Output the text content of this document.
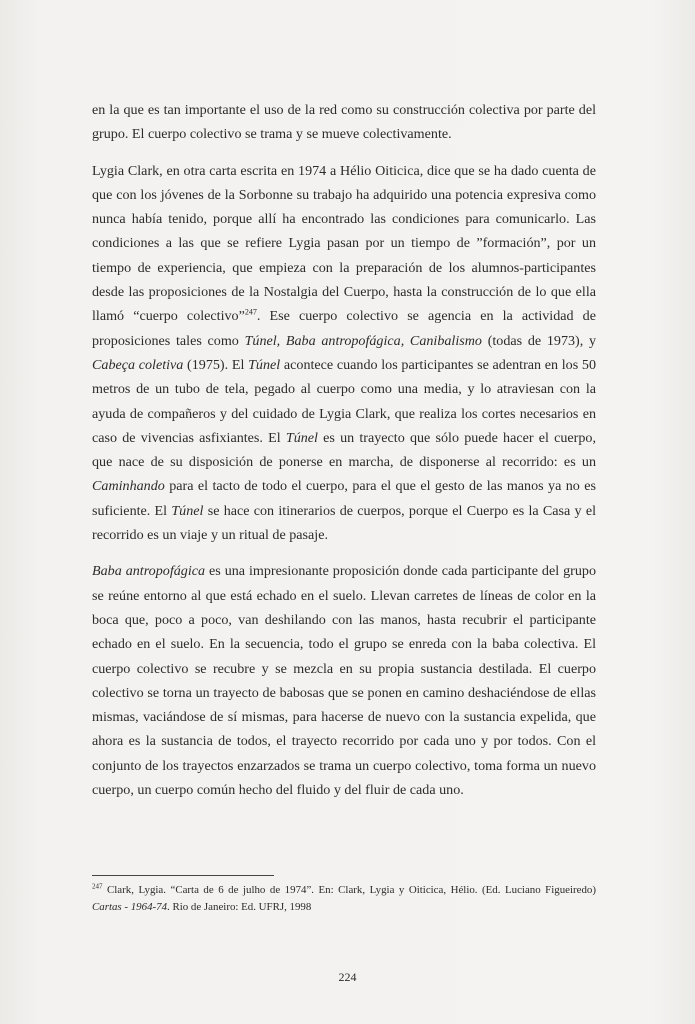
en la que es tan importante el uso de la red como su construcción colectiva por parte del grupo. El cuerpo colectivo se trama y se mueve colectivamente.

Lygia Clark, en otra carta escrita en 1974 a Hélio Oiticica, dice que se ha dado cuenta de que con los jóvenes de la Sorbonne su trabajo ha adquirido una potencia expresiva como nunca había tenido, porque allí ha encontrado las condiciones para comunicarlo. Las condiciones a las que se refiere Lygia pasan por un tiempo de ”formación”, por un tiempo de experiencia, que empieza con la preparación de los alumnos-participantes desde las proposiciones de la Nostalgia del Cuerpo, hasta la construcción de lo que ella llamó “cuerpo colectivo”$^{247}$. Ese cuerpo colectivo se agencia en la actividad de proposiciones tales como Túnel, Baba antropofágica, Canibalismo (todas de 1973), y Cabeça coletiva (1975). El Túnel acontece cuando los participantes se adentran en los 50 metros de un tubo de tela, pegado al cuerpo como una media, y lo atraviesan con la ayuda de compañeros y del cuidado de Lygia Clark, que realiza los cortes necesarios en caso de vivencias asfixiantes. El Túnel es un trayecto que sólo puede hacer el cuerpo, que nace de su disposición de ponerse en marcha, de disponerse al recorrido: es un Caminhando para el tacto de todo el cuerpo, para el que el gesto de las manos ya no es suficiente. El Túnel se hace con itinerarios de cuerpos, porque el Cuerpo es la Casa y el recorrido es un viaje y un ritual de pasaje.

Baba antropofágica es una impresionante proposición donde cada participante del grupo se reúne entorno al que está echado en el suelo. Llevan carretes de líneas de color en la boca que, poco a poco, van deshilando con las manos, hasta recubrir el participante echado en el suelo. En la secuencia, todo el grupo se enreda con la baba colectiva. El cuerpo colectivo se recubre y se mezcla en su propia sustancia destilada. El cuerpo colectivo se torna un trayecto de babosas que se ponen en camino deshaciéndose de ellas mismas, vaciándose de sí mismas, para hacerse de nuevo con la sustancia expelida, que ahora es la sustancia de todos, el trayecto recorrido por cada uno y por todos. Con el conjunto de los trayectos enzarzados se trama un cuerpo colectivo, toma forma un nuevo cuerpo, un cuerpo común hecho del fluido y del fluir de cada uno.

$^{247}$ Clark, Lygia. “Carta de 6 de julho de 1974”. En: Clark, Lygia y Oiticica, Hélio. (Ed. Luciano Figueiredo) Cartas - 1964-74. Rio de Janeiro: Ed. UFRJ, 1998
224
